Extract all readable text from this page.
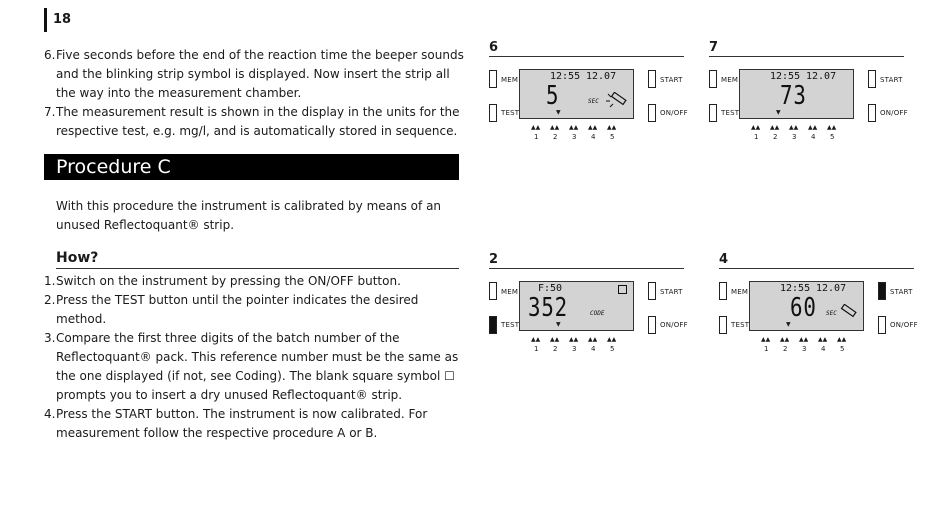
18
6. Five seconds before the end of the reaction time the beeper sounds and the blinking strip symbol is displayed. Now insert the strip all the way into the measurement chamber.
7. The measurement result is shown in the display in the units for the respective test, e.g. mg/l, and is automatically stored in sequence.
Procedure C
With this procedure the instrument is calibrated by means of an unused Reflectoquant® strip.
How?
1. Switch on the instrument by pressing the ON/OFF button.
2. Press the TEST button until the pointer indicates the desired method.
3. Compare the first three digits of the batch number of the Reflectoquant® pack. This reference number must be the same as the one displayed (if not, see Coding). The blank square symbol ☐ prompts you to insert a dry unused Reflectoquant® strip.
4. Press the START button. The instrument is now calibrated. For measurement follow the respective procedure A or B.
6
MEM
TEST
START
ON/OFF
12:55 12.07
5	SEC
▼
▲▲
1
▲▲
2
▲▲
3
▲▲
4
▲▲
5
7
MEM
TEST
START
ON/OFF
12:55 12.07
73
▼
▲▲
1
▲▲
2
▲▲
3
▲▲
4
▲▲
5
2
MEM
TEST
START
ON/OFF
F:50
352	CODE
▼
▲▲
1
▲▲
2
▲▲
3
▲▲
4
▲▲
5
4
MEM
TEST
START
ON/OFF
12:55 12.07
60 SEC
▼
▲▲
1
▲▲
2
▲▲
3
▲▲
4
▲▲
5
